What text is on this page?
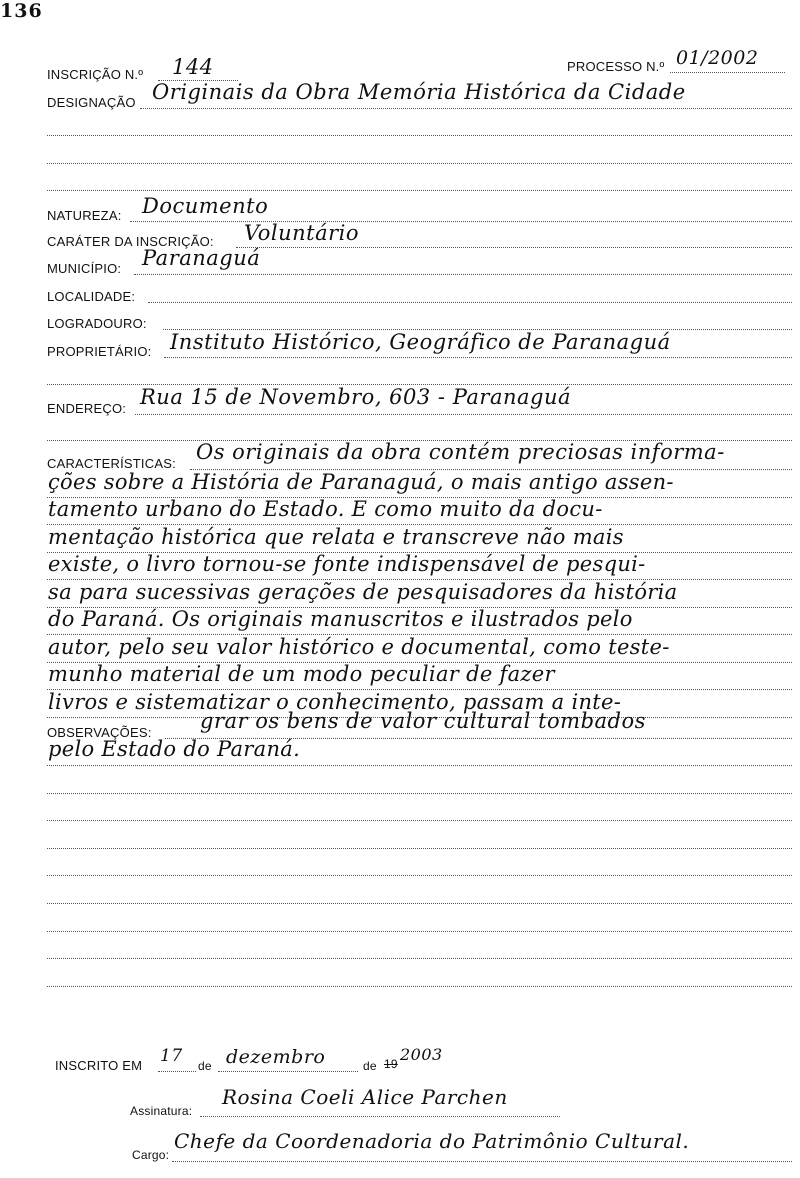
136
INSCRIÇÃO N.º 144	PROCESSO N.º 01/2002
DESIGNAÇÃO Originais da Obra Memória Histórica da Cidade
NATUREZA: Documento
CARÁTER DA INSCRIÇÃO: Voluntário
MUNICÍPIO: Paranaguá
LOCALIDADE:
LOGRADOURO:
PROPRIETÁRIO: Instituto Histórico, Geográfico de Paranaguá
ENDEREÇO: Rua 15 de Novembro, 603 - Paranaguá
CARACTERÍSTICAS: Os originais da obra contém preciosas informa-
ções sobre a História de Paranaguá, o mais antigo assen-
tamento urbano do Estado. E como muito da docu-
mentação histórica que relata e transcreve não mais
existe, o livro tornou-se fonte indispensável de pesqui-
sa para sucessivas gerações de pesquisadores da história
do Paraná. Os originais manuscritos e ilustrados pelo
autor, pelo seu valor histórico e documental, como teste-
munho material de um modo peculiar de fazer
livros e sistematizar o conhecimento, passam a inte-
OBSERVAÇÕES: grar os bens de valor cultural tombados
pelo Estado do Paraná.
INSCRITO EM 17 de dezembro	de 19 2003
Assinatura:
Rosina Coeli Alice Parchen
Cargo:
Chefe da Coordenadoria do Patrimônio Cultural.
